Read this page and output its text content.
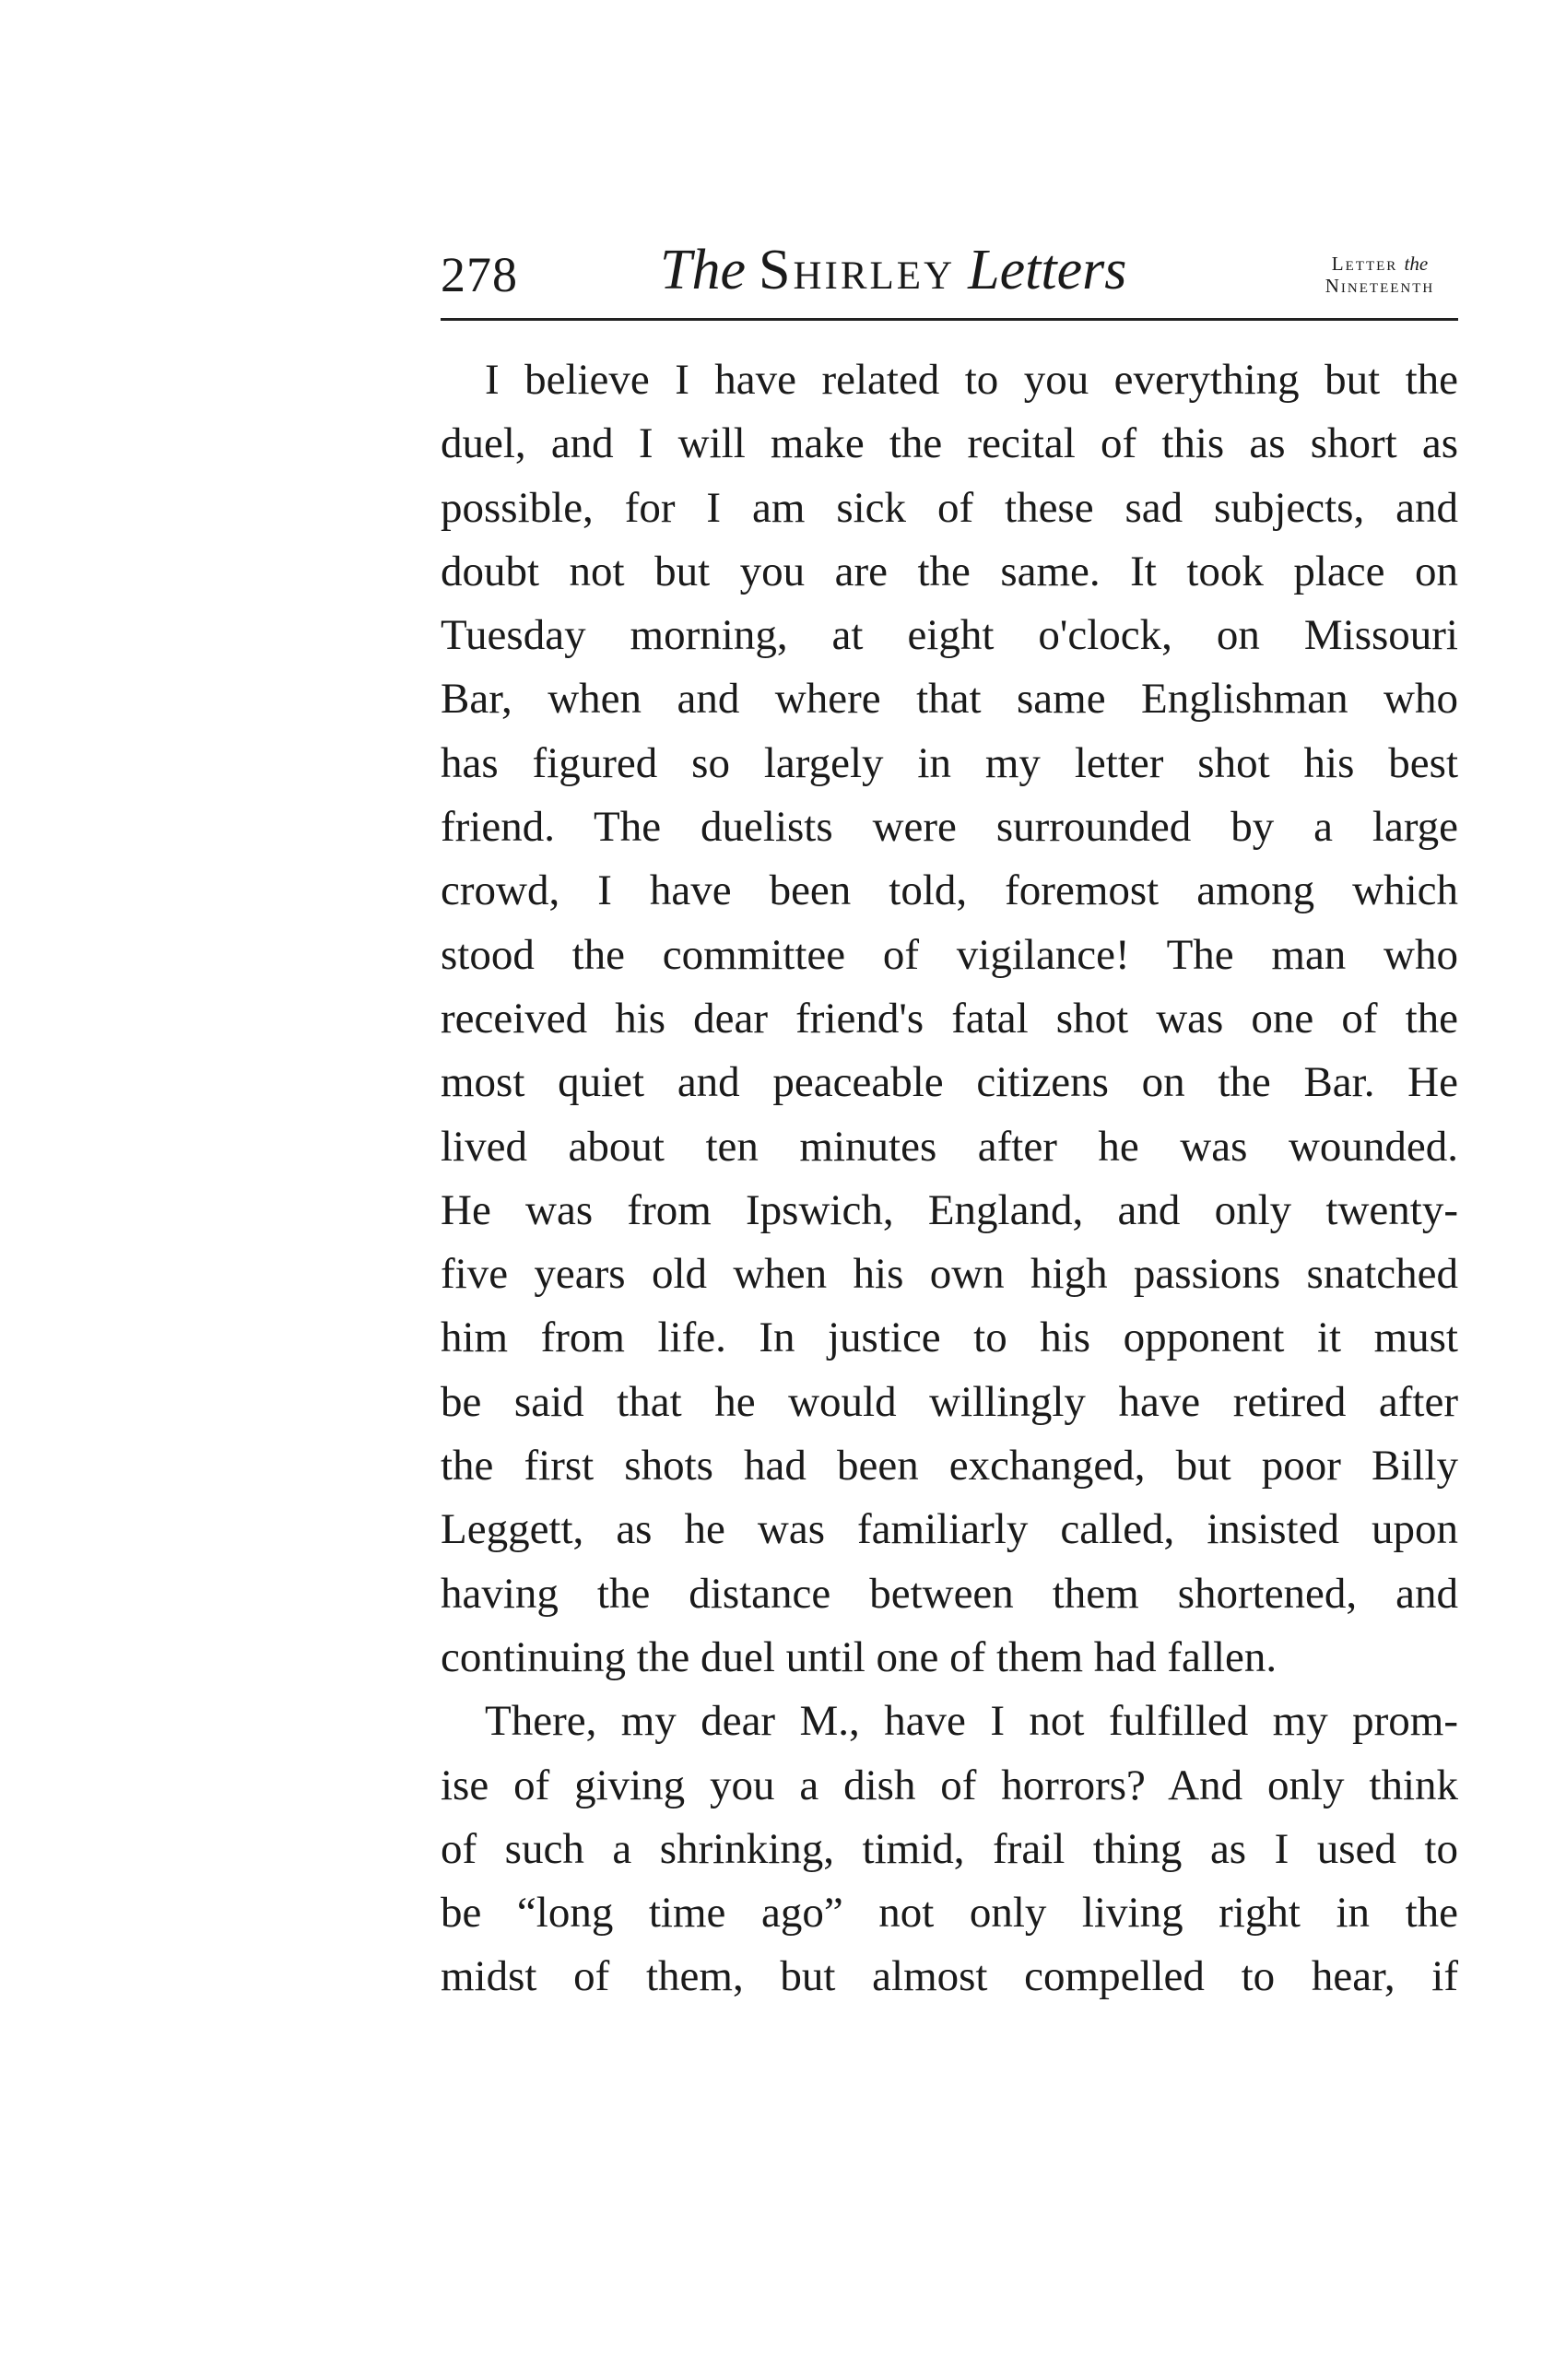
278 The Shirley Letters	Letter the
Nineteenth
I believe I have related to you everything but the
duel, and I will make the recital of this as short as
possible, for I am sick of these sad subjects, and
doubt not but you are the same. It took place on
Tuesday morning, at eight o'clock, on Missouri
Bar, when and where that same Englishman who
has figured so largely in my letter shot his best
friend. The duelists were surrounded by a large
crowd, I have been told, foremost among which
stood the committee of vigilance! The man who
received his dear friend's fatal shot was one of the
most quiet and peaceable citizens on the Bar. He
lived about ten minutes after he was wounded.
He was from Ipswich, England, and only twenty-
five years old when his own high passions snatched
him from life. In justice to his opponent it must
be said that he would willingly have retired after
the first shots had been exchanged, but poor Billy
Leggett, as he was familiarly called, insisted upon
having the distance between them shortened, and
continuing the duel until one of them had fallen.
There, my dear M., have I not fulfilled my prom-
ise of giving you a dish of horrors? And only think
of such a shrinking, timid, frail thing as I used to
be “long time ago” not only living right in the
midst of them, but almost compelled to hear, if
